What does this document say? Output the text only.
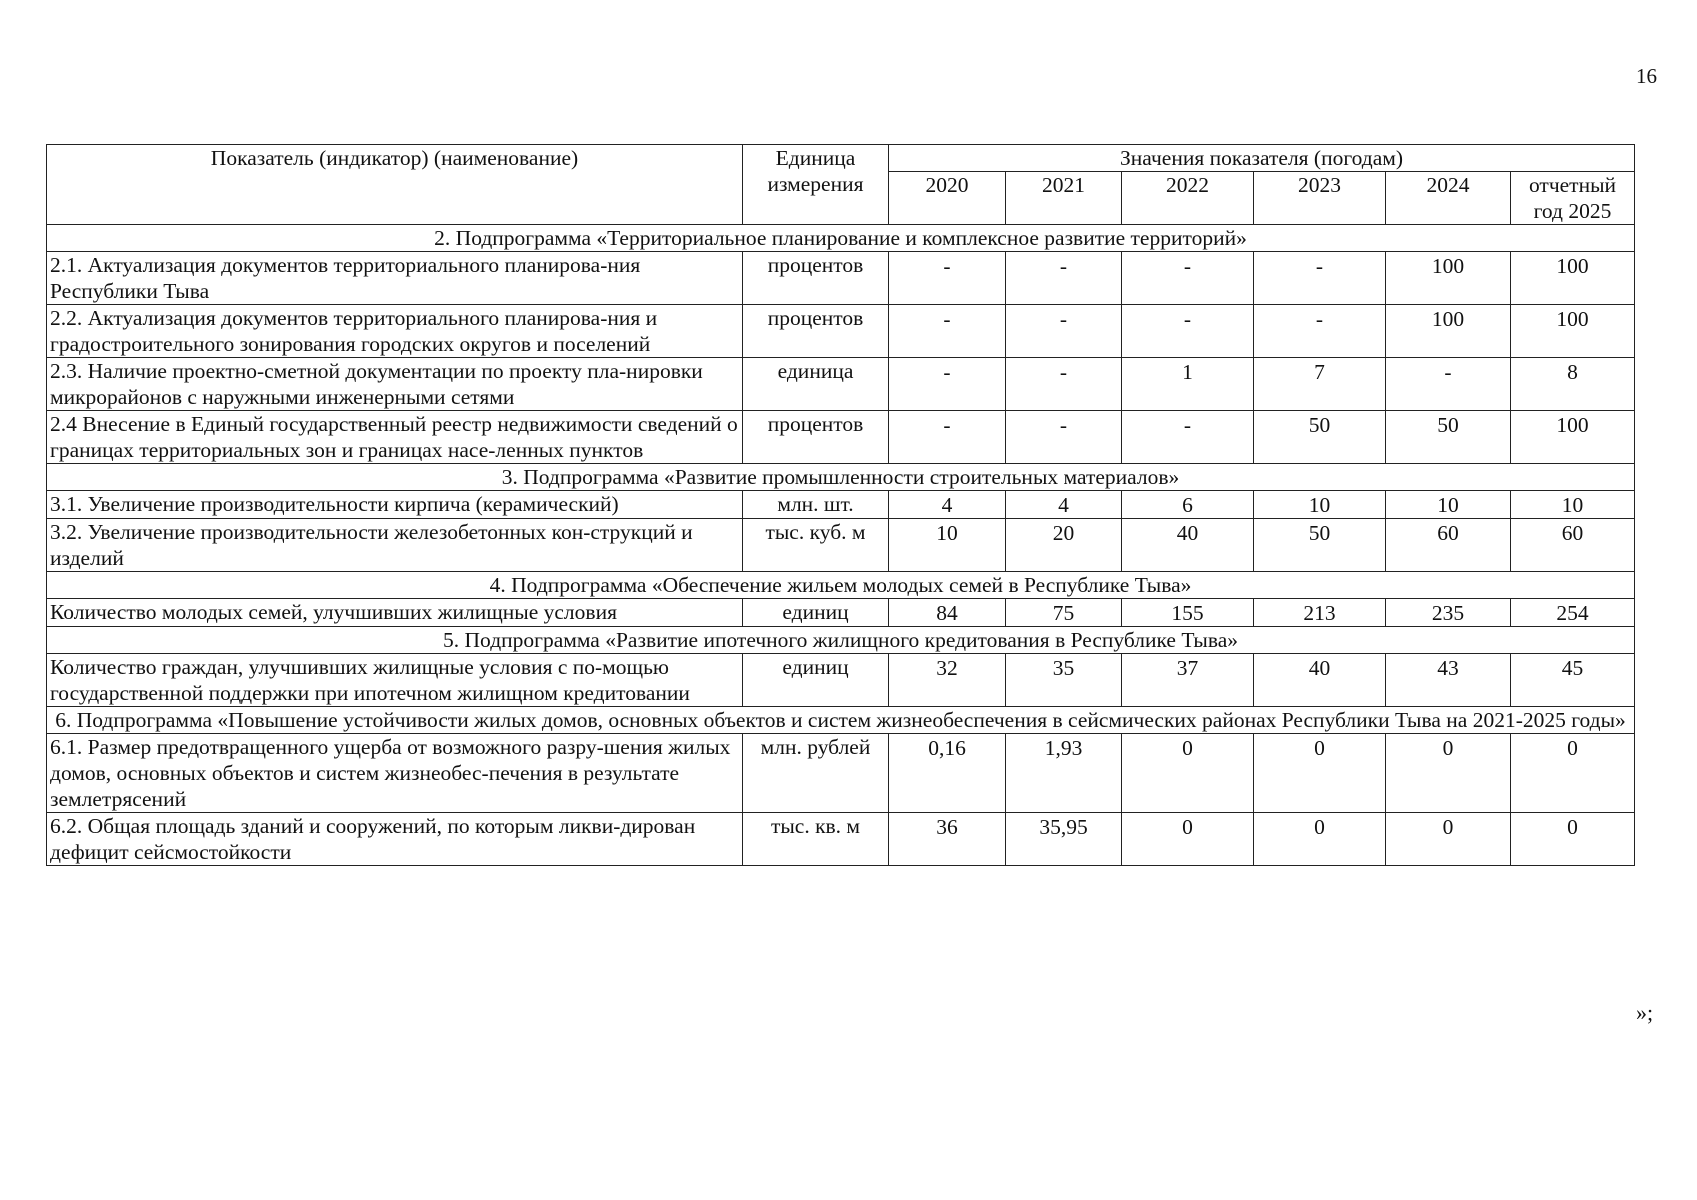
16
Показатель (индикатор) (наименование)	Единица измерения	Значения показателя (погодам)					
		2020	2021	2022	2023	2024	отчетный год 2025
2. Подпрограмма «Территориальное планирование и комплексное развитие территорий»							
2.1. Актуализация документов территориального планирова-ния Республики Тыва	процентов	-	-	-	-	100	100
2.2. Актуализация документов территориального планирова-ния и градостроительного зонирования городских округов и поселений	процентов	-	-	-	-	100	100
2.3. Наличие проектно-сметной документации по проекту пла-нировки микрорайонов с наружными инженерными сетями	единица	-	-	1	7	-	8
2.4 Внесение в Единый государственный реестр недвижимости сведений о границах территориальных зон и границах насе-ленных пунктов	процентов	-	-	-	50	50	100
3. Подпрограмма «Развитие промышленности строительных материалов»							
3.1. Увеличение производительности кирпича (керамический)	млн. шт.	4	4	6	10	10	10
3.2. Увеличение производительности железобетонных кон-струкций и изделий	тыс. куб. м	10	20	40	50	60	60
4. Подпрограмма «Обеспечение жильем молодых семей в Республике Тыва»							
Количество молодых семей, улучшивших жилищные условия	единиц	84	75	155	213	235	254
5. Подпрограмма «Развитие ипотечного жилищного кредитования в Республике Тыва»							
Количество граждан, улучшивших жилищные условия с по-мощью государственной поддержки при ипотечном жилищном кредитовании	единиц	32	35	37	40	43	45
6. Подпрограмма «Повышение устойчивости жилых домов, основных объектов и систем жизнеобеспечения в сейсмических районах Республики Тыва на 2021-2025 годы»							
6.1. Размер предотвращенного ущерба от возможного разру-шения жилых домов, основных объектов и систем жизнеобес-печения в результате землетрясений	млн. рублей	0,16	1,93	0	0	0	0
6.2. Общая площадь зданий и сооружений, по которым ликви-дирован дефицит сейсмостойкости	тыс. кв. м	36	35,95	0	0	0	0
»;
